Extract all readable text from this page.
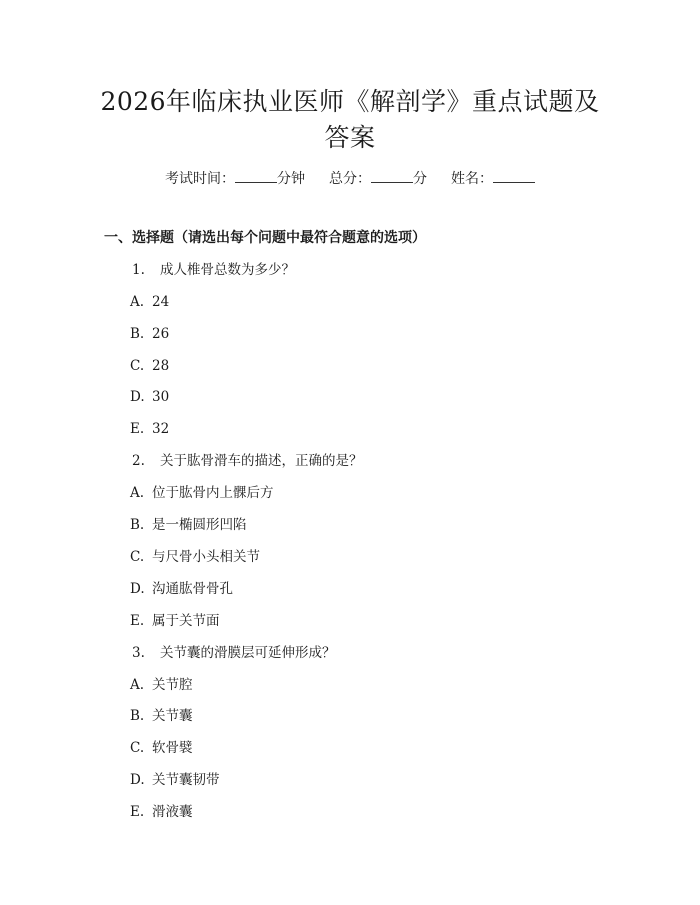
2026年临床执业医师《解剖学》重点试题及
答案
考试时间：	分钟 总分：	分 姓名：
一、选择题（请选出每个问题中最符合题意的选项）
1. 成人椎骨总数为多少？
A. 24
B. 26
C. 28
D. 30
E. 32
2. 关于肱骨滑车的描述，正确的是？
A. 位于肱骨内上髁后方
B. 是一椭圆形凹陷
C. 与尺骨小头相关节
D. 沟通肱骨骨孔
E. 属于关节面
3. 关节囊的滑膜层可延伸形成？
A. 关节腔
B. 关节囊
C. 软骨襞
D. 关节囊韧带
E. 滑液囊
